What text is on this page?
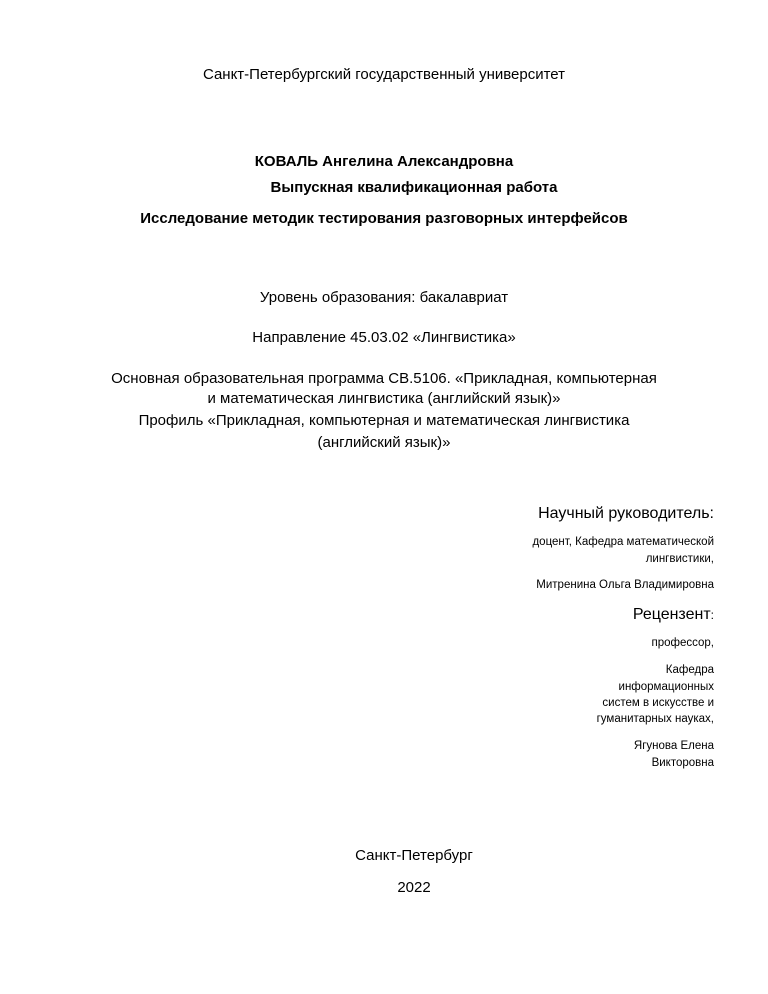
Санкт-Петербургский государственный университет
КОВАЛЬ Ангелина Александровна
Выпускная квалификационная работа
Исследование методик тестирования разговорных интерфейсов
Уровень образования: бакалавриат
Направление 45.03.02 «Лингвистика»
Основная образовательная программа СВ.5106. «Прикладная, компьютерная
и математическая лингвистика (английский язык)»
Профиль «Прикладная, компьютерная и математическая лингвистика
(английский язык)»
Научный руководитель:
доцент, Кафедра математической
лингвистики,
Митренина Ольга Владимировна
Рецензент:
профессор,
Кафедра
информационных
систем в искусстве и
гуманитарных науках,
Ягунова Елена
Викторовна
Санкт-Петербург
2022
